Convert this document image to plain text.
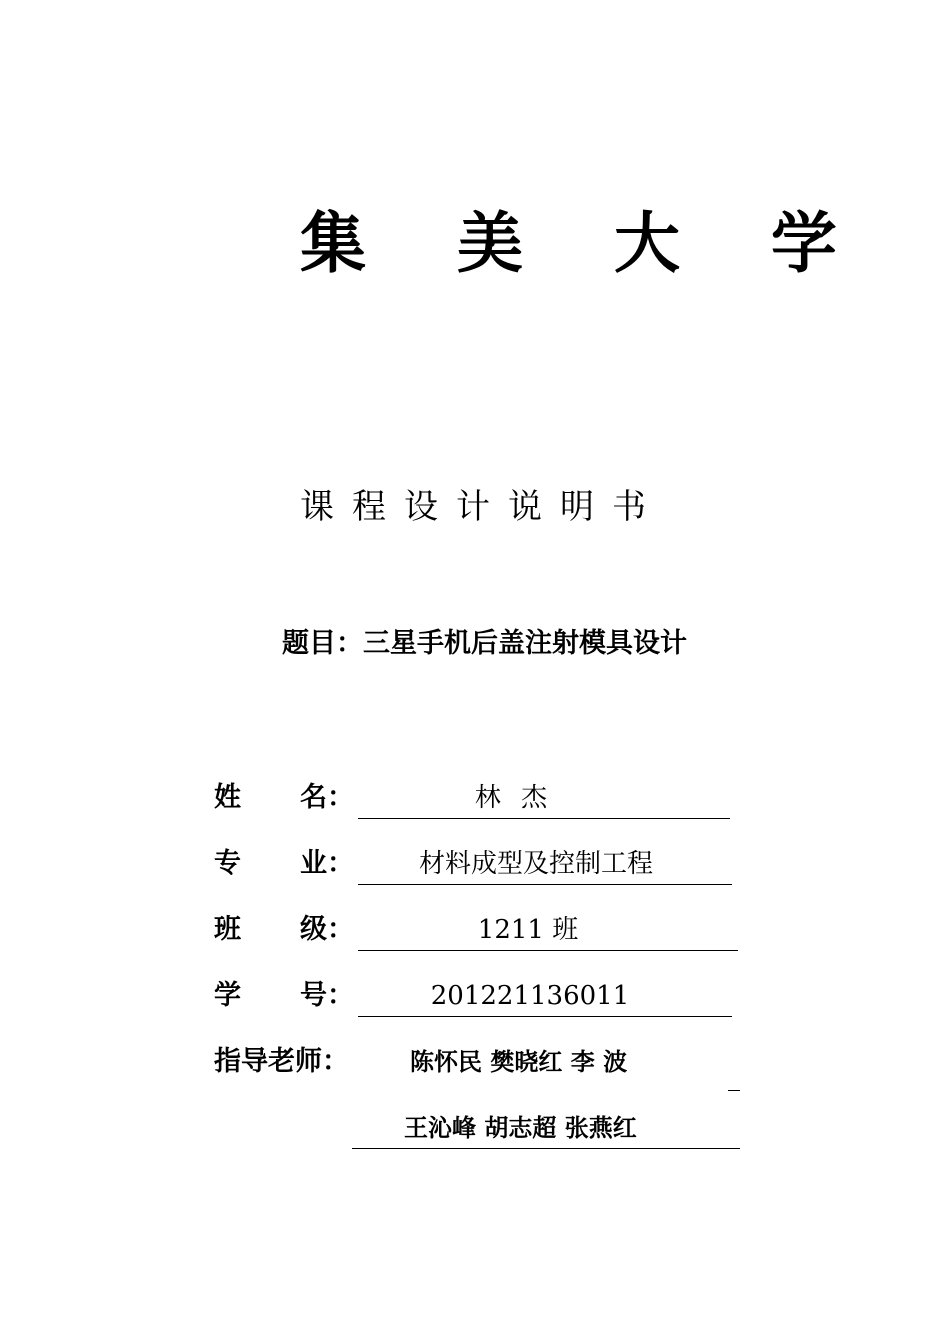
集 美 大 学
课程设计说明书
题目：三星手机后盖注射模具设计
姓 名：	林 杰
专 业：	材料成型及控制工程
班 级：	1211 班
学 号：	201221136011
指导老师：	陈怀民 樊晓红 李 波
王沁峰 胡志超 张燕红
